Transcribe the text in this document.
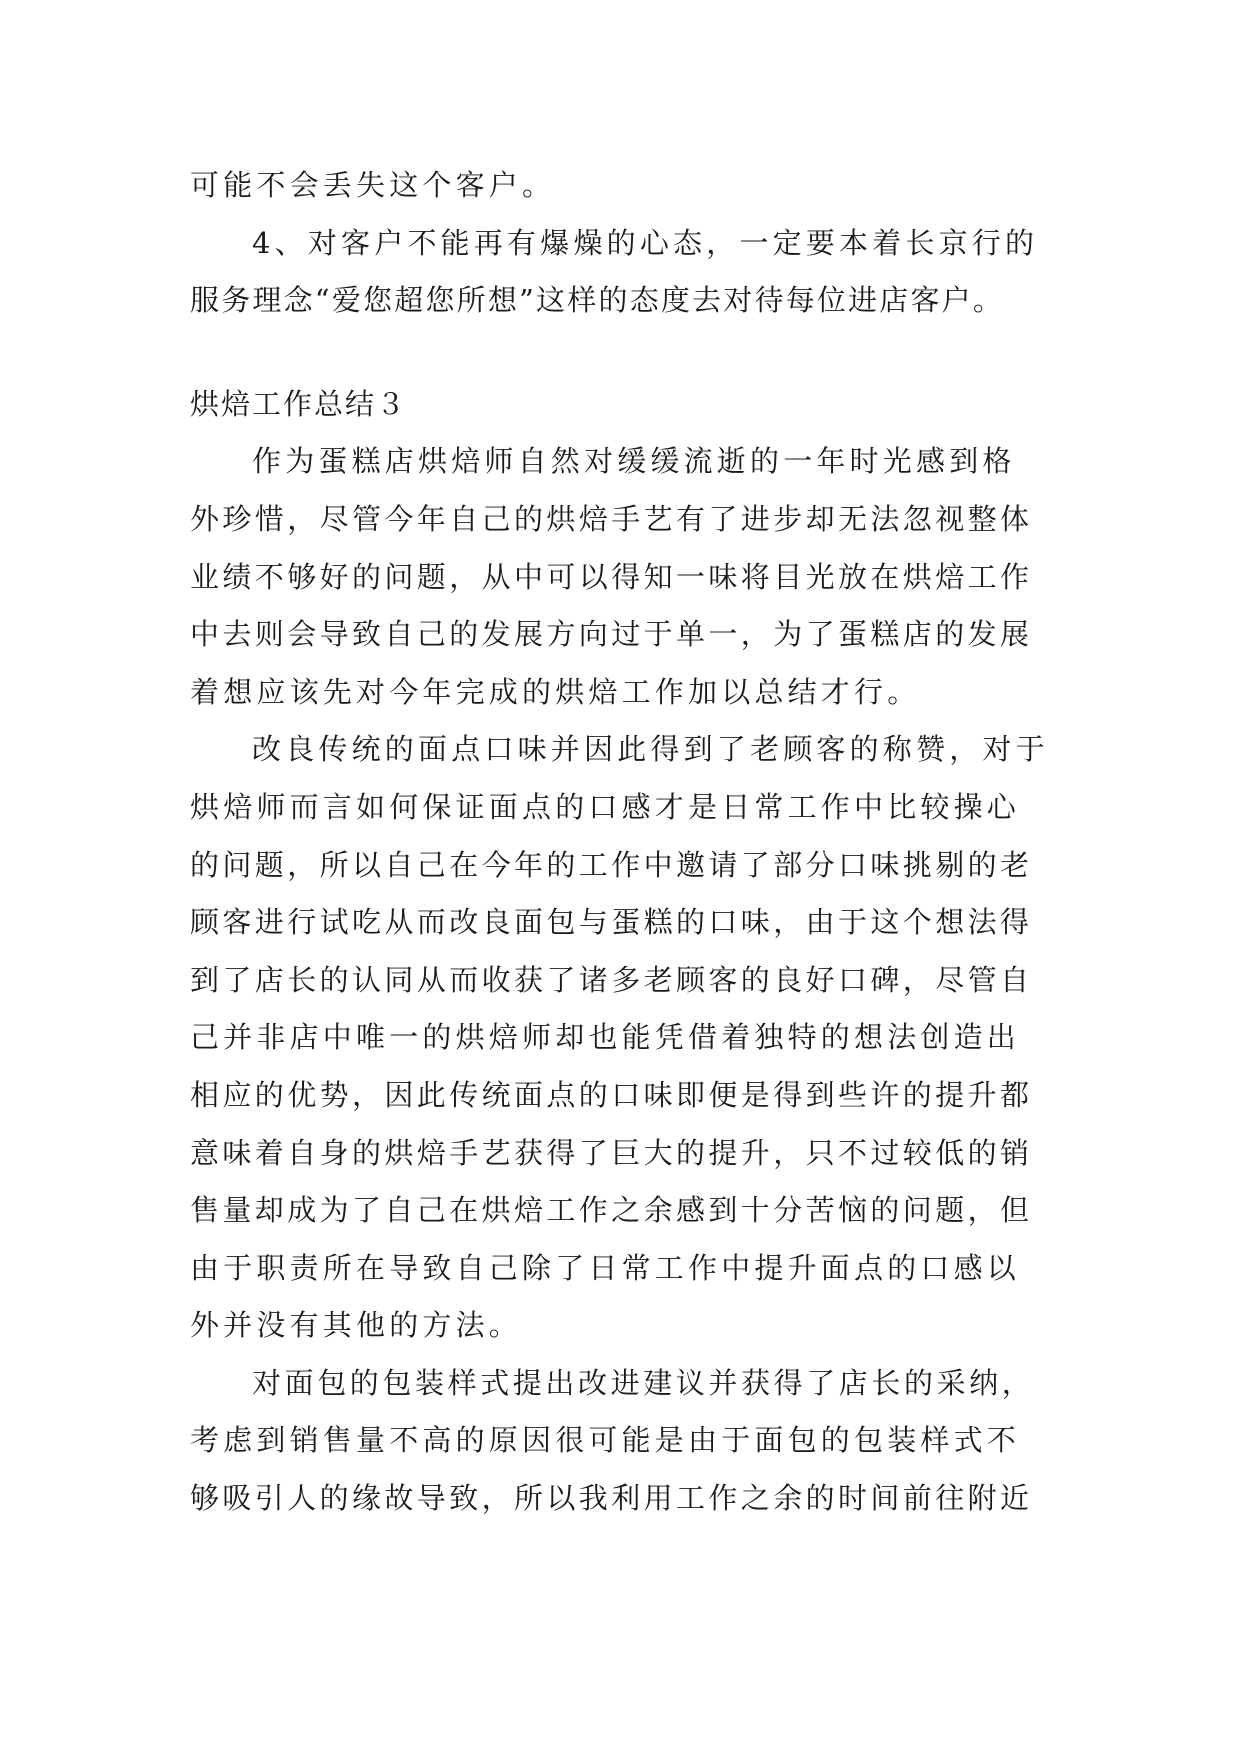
可能不会丢失这个客户。

4、对客户不能再有爆燥的心态，一定要本着长京行的
服务理念“爱您超您所想”这样的态度去对待每位进店客户。

烘焙工作总结３

作为蛋糕店烘焙师自然对缓缓流逝的一年时光感到格
外珍惜，尽管今年自己的烘焙手艺有了进步却无法忽视整体
业绩不够好的问题，从中可以得知一味将目光放在烘焙工作
中去则会导致自己的发展方向过于单一，为了蛋糕店的发展
着想应该先对今年完成的烘焙工作加以总结才行。

改良传统的面点口味并因此得到了老顾客的称赞，对于
烘焙师而言如何保证面点的口感才是日常工作中比较操心
的问题，所以自己在今年的工作中邀请了部分口味挑剔的老
顾客进行试吃从而改良面包与蛋糕的口味，由于这个想法得
到了店长的认同从而收获了诸多老顾客的良好口碑，尽管自
己并非店中唯一的烘焙师却也能凭借着独特的想法创造出
相应的优势，因此传统面点的口味即便是得到些许的提升都
意味着自身的烘焙手艺获得了巨大的提升，只不过较低的销
售量却成为了自己在烘焙工作之余感到十分苦恼的问题，但
由于职责所在导致自己除了日常工作中提升面点的口感以
外并没有其他的方法。

对面包的包装样式提出改进建议并获得了店长的采纳，
考虑到销售量不高的原因很可能是由于面包的包装样式不
够吸引人的缘故导致，所以我利用工作之余的时间前往附近
